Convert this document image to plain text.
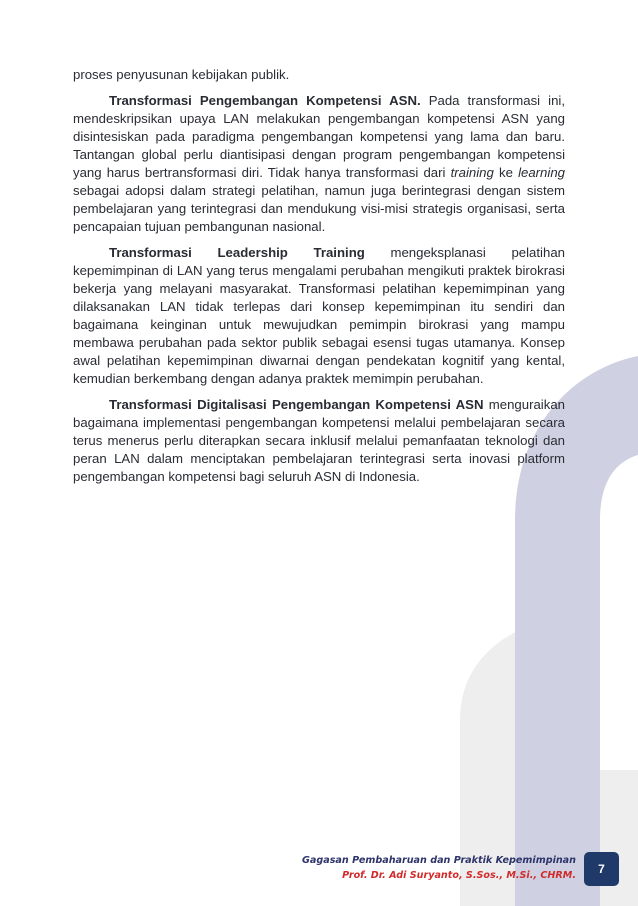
proses penyusunan kebijakan publik.

Transformasi Pengembangan Kompetensi ASN. Pada transformasi ini, mendeskripsikan upaya LAN melakukan pengembangan kompetensi ASN yang disintesiskan pada paradigma pengembangan kompetensi yang lama dan baru. Tantangan global perlu diantisipasi dengan program pengembangan kompetensi yang harus bertransformasi diri. Tidak hanya transformasi dari training ke learning sebagai adopsi dalam strategi pelatihan, namun juga berintegrasi dengan sistem pembelajaran yang terintegrasi dan mendukung visi-misi strategis organisasi, serta pencapaian tujuan pembangunan nasional.

Transformasi Leadership Training mengeksplanasi pelatihan kepemimpinan di LAN yang terus mengalami perubahan mengikuti praktek birokrasi bekerja yang melayani masyarakat. Transformasi pelatihan kepemimpinan yang dilaksanakan LAN tidak terlepas dari konsep kepemimpinan itu sendiri dan bagaimana keinginan untuk mewujudkan pemimpin birokrasi yang mampu membawa perubahan pada sektor publik sebagai esensi tugas utamanya. Konsep awal pelatihan kepemimpinan diwarnai dengan pendekatan kognitif yang kental, kemudian berkembang dengan adanya praktek memimpin perubahan.

Transformasi Digitalisasi Pengembangan Kompetensi ASN menguraikan bagaimana implementasi pengembangan kompetensi melalui pembelajaran secara terus menerus perlu diterapkan secara inklusif melalui pemanfaatan teknologi dan peran LAN dalam menciptakan pembelajaran terintegrasi serta inovasi platform pengembangan kompetensi bagi seluruh ASN di Indonesia.

Gagasan Pembaharuan dan Praktik Kepemimpinan
Prof. Dr. Adi Suryanto, S.Sos., M.Si., CHRM. 7
